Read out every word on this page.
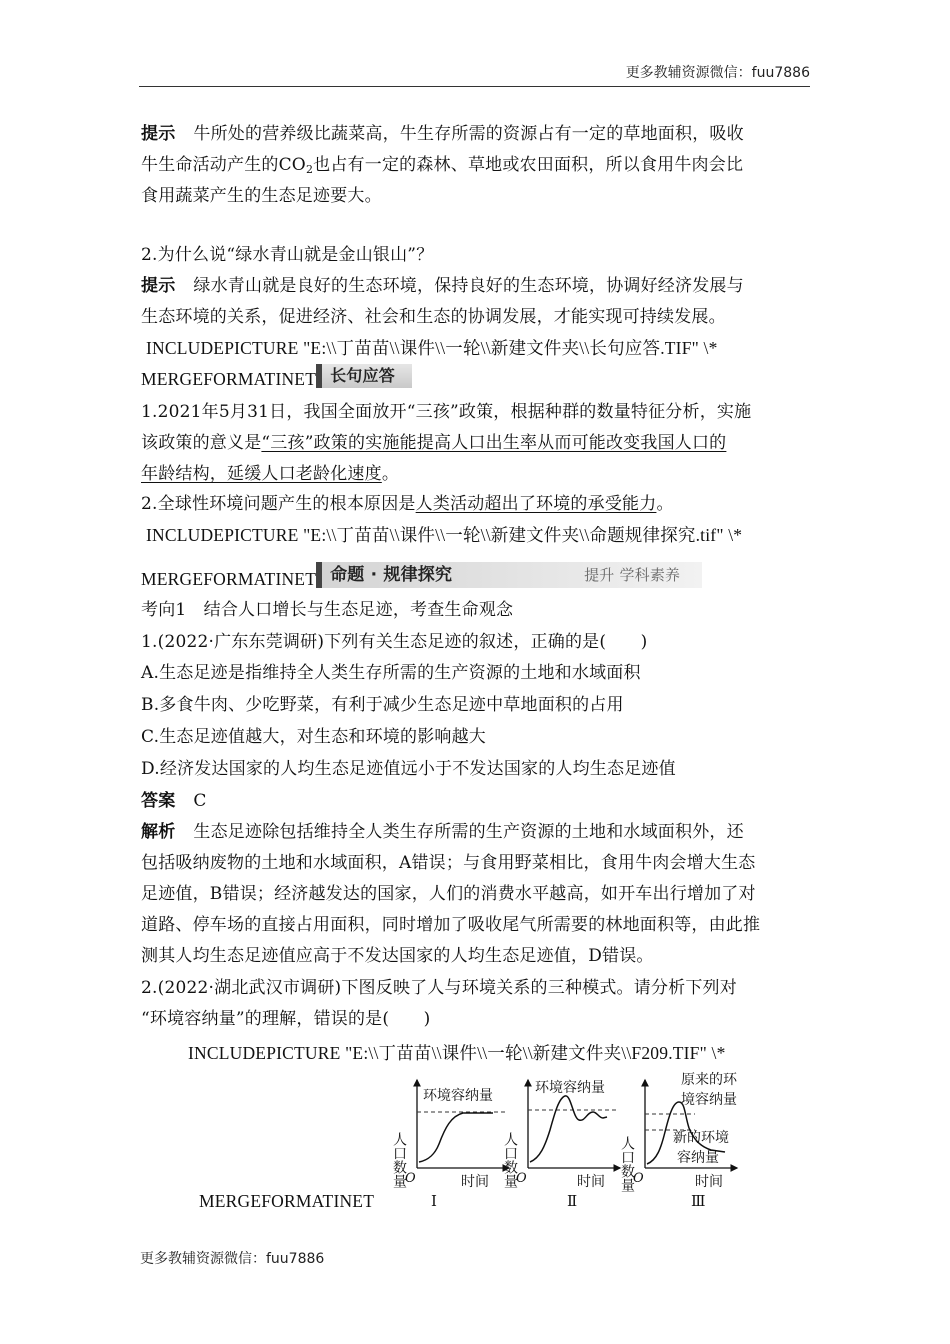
更多教辅资源微信：fuu7886
提示 牛所处的营养级比蔬菜高，牛生存所需的资源占有一定的草地面积，吸收
牛生命活动产生的$CO_2$也占有一定的森林、草地或农田面积，所以食用牛肉会比
食用蔬菜产生的生态足迹要大。
2.为什么说“绿水青山就是金山银山”？
提示 绿水青山就是良好的生态环境，保持良好的生态环境，协调好经济发展与
生态环境的关系，促进经济、社会和生态的协调发展，才能实现可持续发展。
INCLUDEPICTURE "E:\\丁苗苗\\课件\\一轮\\新建文件夹\\长句应答.TIF" \*
MERGEFORMATINET 长句应答
1.2021年5月31日，我国全面放开“三孩”政策，根据种群的数量特征分析，实施
该政策的意义是“三孩”政策的实施能提高人口出生率从而可能改变我国人口的
年龄结构，延缓人口老龄化速度。
2.全球性环境问题产生的根本原因是人类活动超出了环境的承受能力。
INCLUDEPICTURE "E:\\丁苗苗\\课件\\一轮\\新建文件夹\\命题规律探究.tif" \*
MERGEFORMATINET 命题 · 规律探究	提升 学科素养
考向1　结合人口增长与生态足迹，考查生命观念
1.(2022·广东东莞调研)下列有关生态足迹的叙述，正确的是(　　)
A.生态足迹是指维持全人类生存所需的生产资源的土地和水域面积
B.多食牛肉、少吃野菜，有利于减少生态足迹中草地面积的占用
C.生态足迹值越大，对生态和环境的影响越大
D.经济发达国家的人均生态足迹值远小于不发达国家的人均生态足迹值
答案 C
解析 生态足迹除包括维持全人类生存所需的生产资源的土地和水域面积外，还
包括吸纳废物的土地和水域面积，A错误；与食用野菜相比，食用牛肉会增大生态
足迹值，B错误；经济越发达的国家，人们的消费水平越高，如开车出行增加了对
道路、停车场的直接占用面积，同时增加了吸收尾气所需要的林地面积等，由此推
测其人均生态足迹值应高于不发达国家的人均生态足迹值，D错误。
2.(2022·湖北武汉市调研)下图反映了人与环境关系的三种模式。请分析下列对
“环境容纳量”的理解，错误的是(　　)
INCLUDEPICTURE "E:\\丁苗苗\\课件\\一轮\\新建文件夹\\F209.TIF" \*
MERGEFORMATINET
人口数量
环境容纳量
O	时间
Ⅰ
人口数量
环境容纳量
O	时间
Ⅱ
人口数量
原来的环
境容纳量
新的环境
容纳量
O	时间
Ⅲ
更多教辅资源微信：fuu7886
